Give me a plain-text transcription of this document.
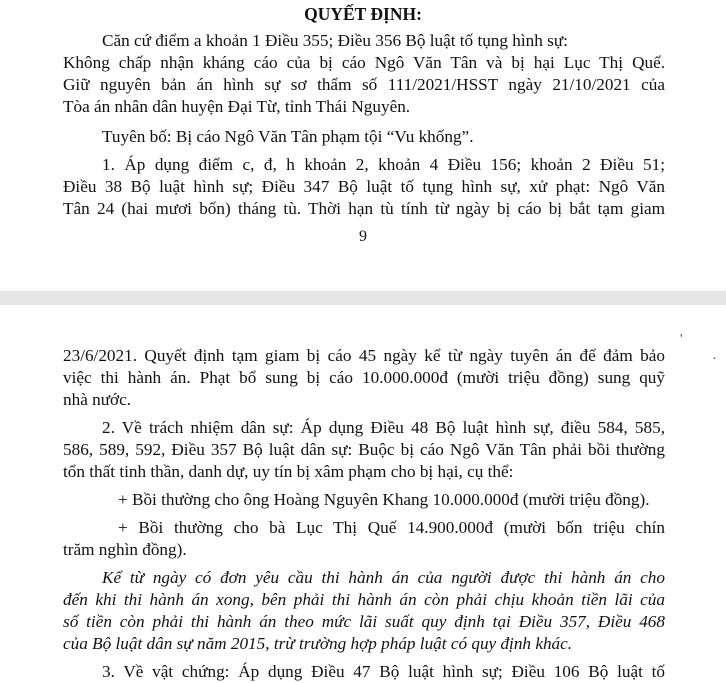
QUYẾT ĐỊNH:
Căn cứ điểm a khoản 1 Điều 355; Điều 356 Bộ luật tố tụng hình sự:
Không chấp nhận kháng cáo của bị cáo Ngô Văn Tân và bị hại Lục Thị Quế.
Giữ nguyên bản án hình sự sơ thẩm số 111/2021/HSST ngày 21/10/2021 của
Tòa án nhân dân huyện Đại Từ, tỉnh Thái Nguyên.
Tuyên bố: Bị cáo Ngô Văn Tân phạm tội “Vu khống”.
1. Áp dụng điểm c, đ, h khoản 2, khoản 4 Điều 156; khoản 2 Điều 51;
Điều 38 Bộ luật hình sự; Điều 347 Bộ luật tố tụng hình sự, xử phạt: Ngô Văn
Tân 24 (hai mươi bốn) tháng tù. Thời hạn tù tính từ ngày bị cáo bị bắt tạm giam
9
23/6/2021. Quyết định tạm giam bị cáo 45 ngày kể từ ngày tuyên án để đảm bảo
việc thi hành án. Phạt bổ sung bị cáo 10.000.000đ (mười triệu đồng) sung quỹ
nhà nước.
2. Về trách nhiệm dân sự: Áp dụng Điều 48 Bộ luật hình sự, điều 584, 585,
586, 589, 592, Điều 357 Bộ luật dân sự: Buộc bị cáo Ngô Văn Tân phải bồi thường
tổn thất tinh thần, danh dự, uy tín bị xâm phạm cho bị hại, cụ thể:
+ Bồi thường cho ông Hoàng Nguyên Khang 10.000.000đ (mười triệu đồng).
+ Bồi thường cho bà Lục Thị Quế 14.900.000đ (mười bốn triệu chín
trăm nghìn đồng).
Kể từ ngày có đơn yêu cầu thi hành án của người được thi hành án cho
đến khi thi hành án xong, bên phải thi hành án còn phải chịu khoản tiền lãi của
số tiền còn phải thi hành án theo mức lãi suất quy định tại Điều 357, Điều 468
của Bộ luật dân sự năm 2015, trừ trường hợp pháp luật có quy định khác.
3. Về vật chứng: Áp dụng Điều 47 Bộ luật hình sự; Điều 106 Bộ luật tố
'
·
